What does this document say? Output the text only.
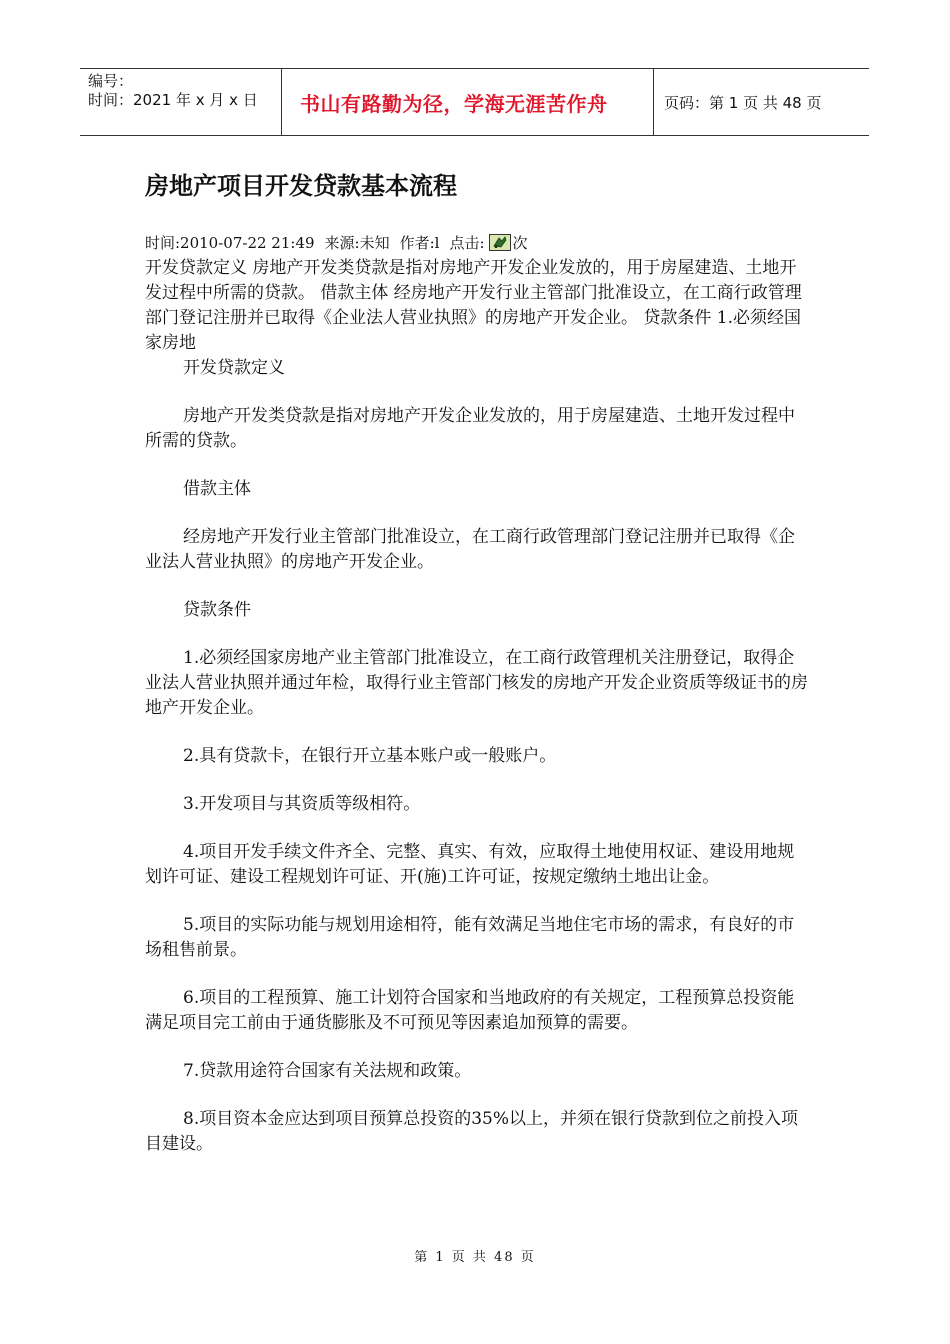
编号：
时间：2021 年 x 月 x 日	书山有路勤为径，学海无涯苦作舟	页码：第 1 页 共 48 页
房地产项目开发贷款基本流程
时间:2010-07-22 21:49 来源:未知 作者:l 点击: 次

开发贷款定义 房地产开发类贷款是指对房地产开发企业发放的，用于房屋建造、土地开发过程中所需的贷款。 借款主体 经房地产开发行业主管部门批准设立，在工商行政管理部门登记注册并已取得《企业法人营业执照》的房地产开发企业。 贷款条件 1.必须经国家房地

开发贷款定义

房地产开发类贷款是指对房地产开发企业发放的，用于房屋建造、土地开发过程中所需的贷款。

借款主体

经房地产开发行业主管部门批准设立，在工商行政管理部门登记注册并已取得《企业法人营业执照》的房地产开发企业。

贷款条件

1.必须经国家房地产业主管部门批准设立，在工商行政管理机关注册登记，取得企业法人营业执照并通过年检，取得行业主管部门核发的房地产开发企业资质等级证书的房地产开发企业。

2.具有贷款卡，在银行开立基本账户或一般账户。

3.开发项目与其资质等级相符。

4.项目开发手续文件齐全、完整、真实、有效，应取得土地使用权证、建设用地规划许可证、建设工程规划许可证、开(施)工许可证，按规定缴纳土地出让金。

5.项目的实际功能与规划用途相符，能有效满足当地住宅市场的需求，有良好的市场租售前景。

6.项目的工程预算、施工计划符合国家和当地政府的有关规定，工程预算总投资能满足项目完工前由于通货膨胀及不可预见等因素追加预算的需要。

7.贷款用途符合国家有关法规和政策。

8.项目资本金应达到项目预算总投资的35%以上，并须在银行贷款到位之前投入项目建设。

第 1 页 共 48 页
